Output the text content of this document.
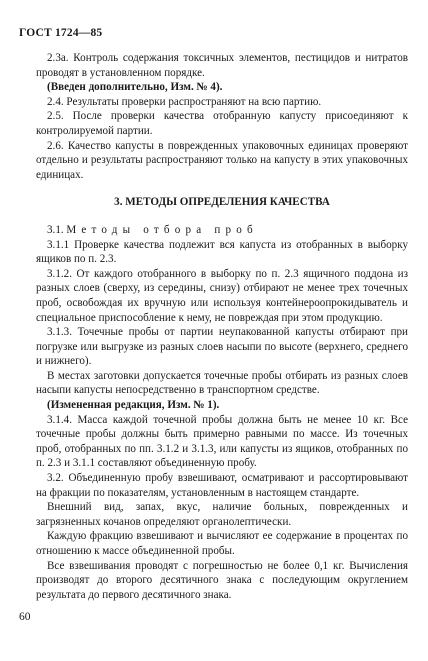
ГОСТ 1724—85

2.3а. Контроль содержания токсичных элементов, пестицидов и нитратов проводят в установленном порядке.

(Введен дополнительно, Изм. № 4).

2.4. Результаты проверки распространяют на всю партию.

2.5. После проверки качества отобранную капусту присоединяют к контролируемой партии.

2.6. Качество капусты в поврежденных упаковочных единицах проверяют отдельно и результаты распространяют только на капусту в этих упаковочных единицах.

3. МЕТОДЫ ОПРЕДЕЛЕНИЯ КАЧЕСТВА

3.1. Методы отбора проб

3.1.1 Проверке качества подлежит вся капуста из отобранных в выборку ящиков по п. 2.3.

3.1.2. От каждого отобранного в выборку по п. 2.3 ящичного поддона из разных слоев (сверху, из середины, снизу) отбирают не менее трех точечных проб, освобождая их вручную или используя контейнероопрокидыватель и специальное приспособление к нему, не повреждая при этом продукцию.

3.1.3. Точечные пробы от партии неупакованной капусты отбирают при погрузке или выгрузке из разных слоев насыпи по высоте (верхнего, среднего и нижнего).

В местах заготовки допускается точечные пробы отбирать из разных слоев насыпи капусты непосредственно в транспортном средстве.

(Измененная редакция, Изм. № 1).

3.1.4. Масса каждой точечной пробы должна быть не менее 10 кг. Все точечные пробы должны быть примерно равными по массе. Из точечных проб, отобранных по пп. 3.1.2 и 3.1.3, или капусты из ящиков, отобранных по п. 2.3 и 3.1.1 составляют объединенную пробу.

3.2. Объединенную пробу взвешивают, осматривают и рассортировывают на фракции по показателям, установленным в настоящем стандарте.

Внешний вид, запах, вкус, наличие больных, поврежденных и загрязненных кочанов определяют органолептически.

Каждую фракцию взвешивают и вычисляют ее содержание в процентах по отношению к массе объединенной пробы.

Все взвешивания проводят с погрешностью не более 0,1 кг. Вычисления производят до второго десятичного знака с последующим округлением результата до первого десятичного знака.

60
